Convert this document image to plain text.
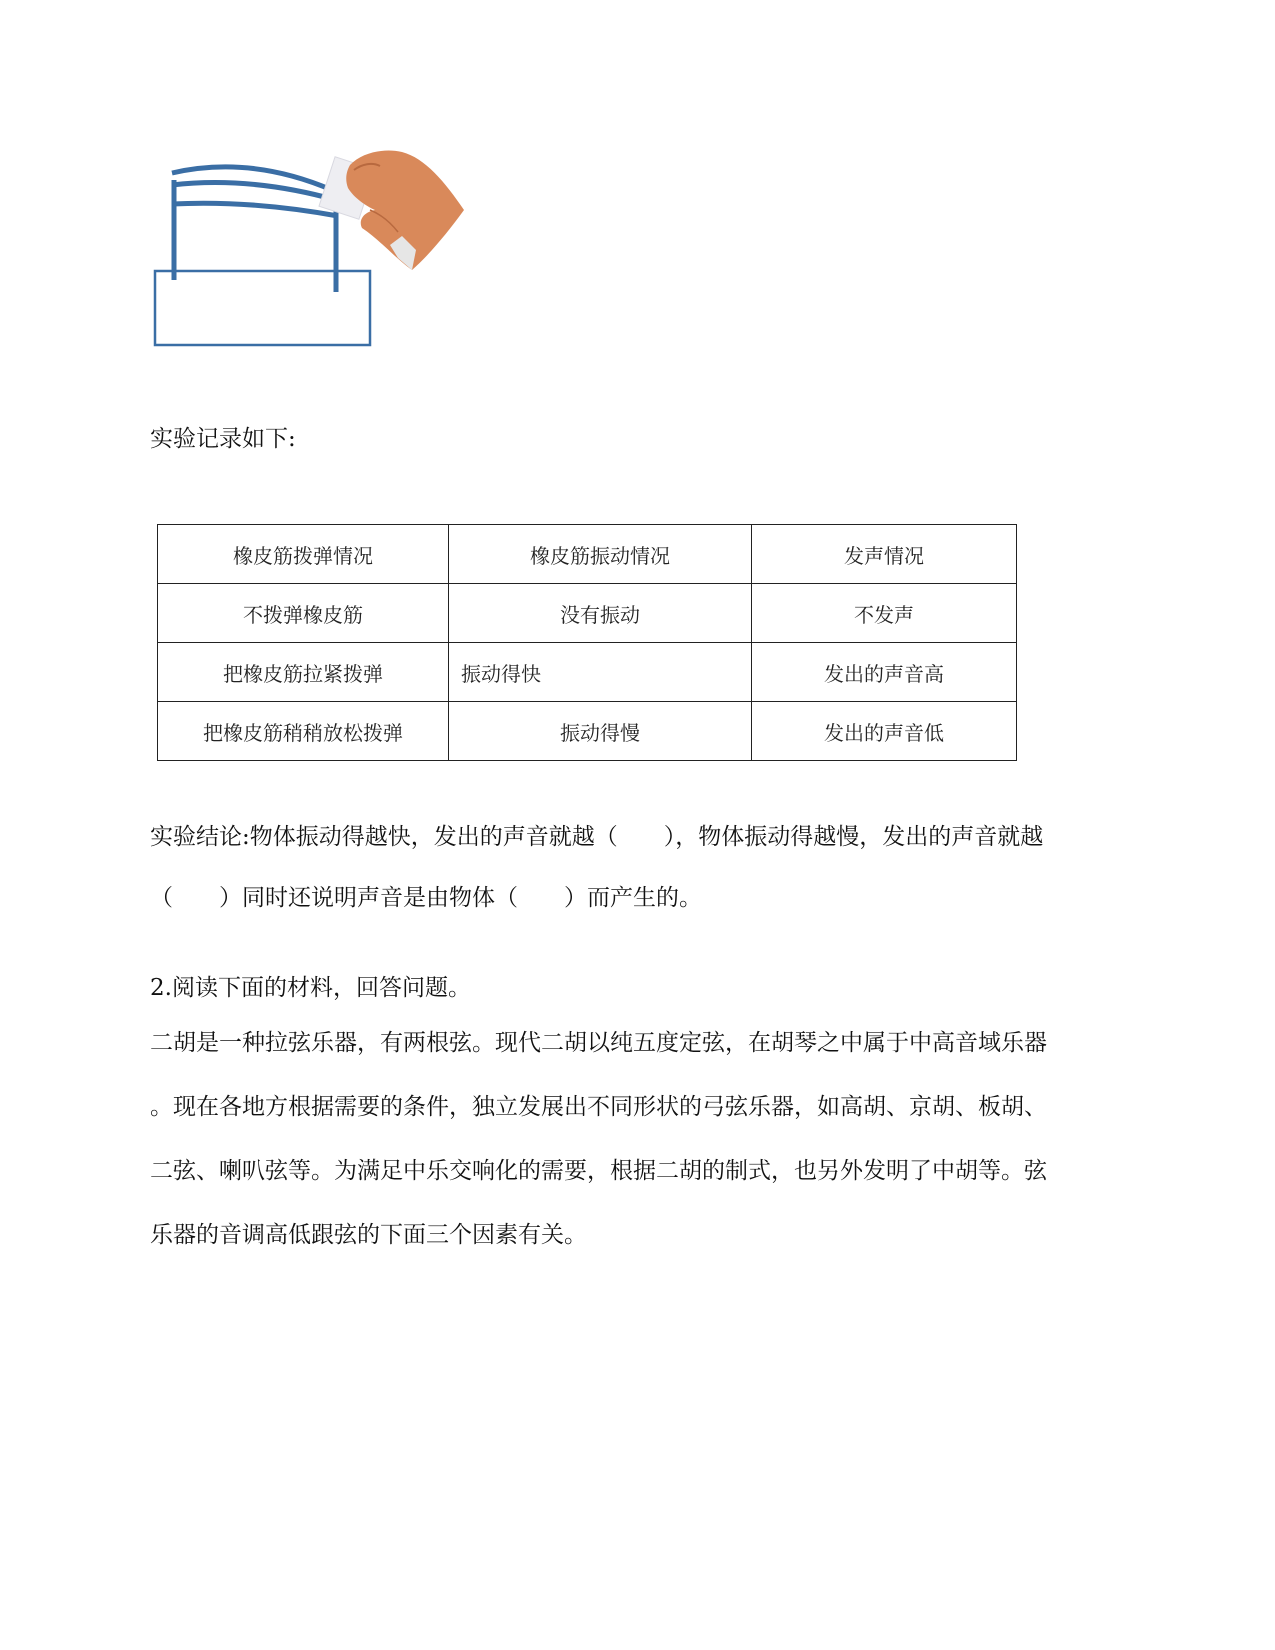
实验记录如下:
橡皮筋拨弹情况	橡皮筋振动情况	发声情况
不拨弹橡皮筋	没有振动	不发声
把橡皮筋拉紧拨弹	振动得快	发出的声音高
把橡皮筋稍稍放松拨弹	振动得慢	发出的声音低
实验结论:物体振动得越快，发出的声音就越（　　），物体振动得越慢，发出的声音就越
（　　）同时还说明声音是由物体（　　）而产生的。
2.阅读下面的材料，回答问题。
二胡是一种拉弦乐器，有两根弦。现代二胡以纯五度定弦，在胡琴之中属于中高音域乐器
。现在各地方根据需要的条件，独立发展出不同形状的弓弦乐器，如高胡、京胡、板胡、
二弦、喇叭弦等。为满足中乐交响化的需要，根据二胡的制式，也另外发明了中胡等。弦
乐器的音调高低跟弦的下面三个因素有关。
